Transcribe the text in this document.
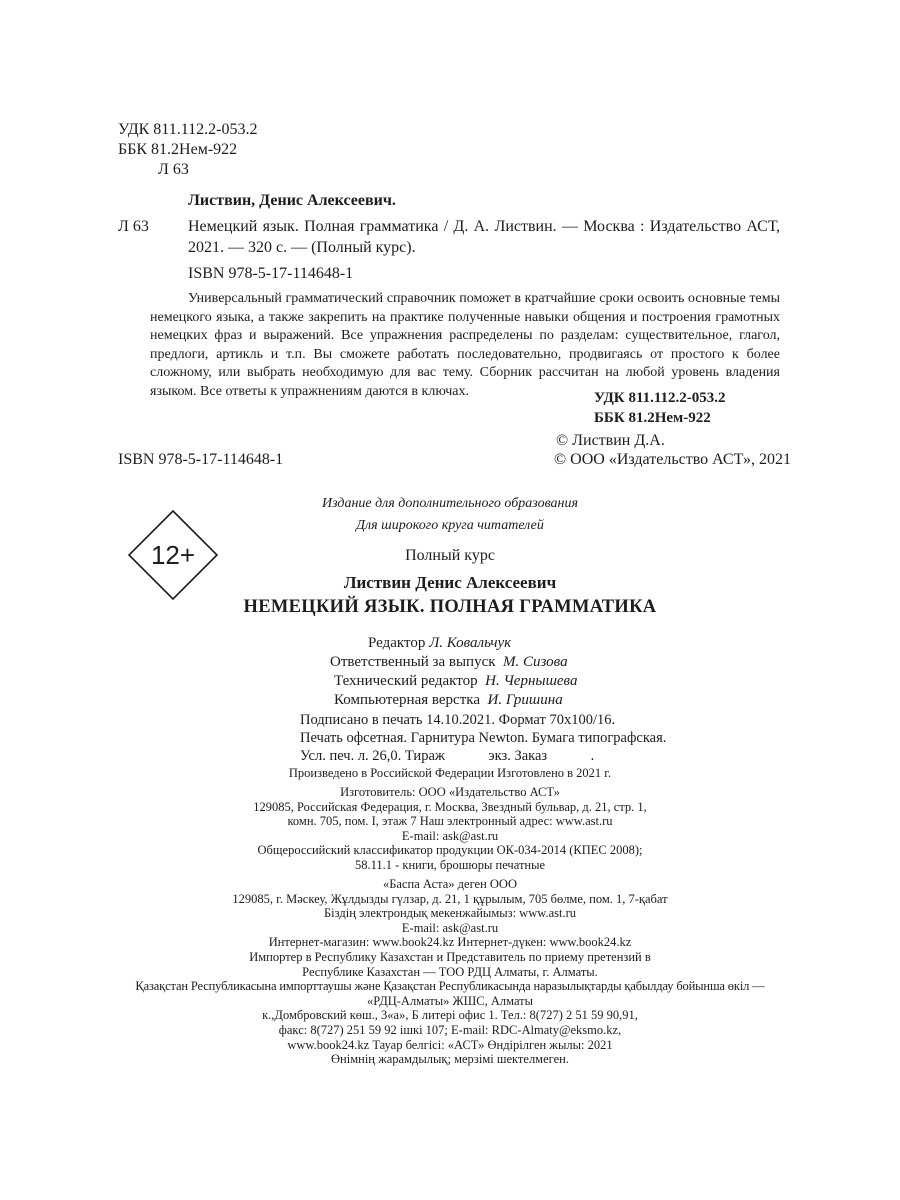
УДК 811.112.2-053.2
ББК 81.2Нем-922
Л 63
Листвин, Денис Алексеевич.
Л 63 Немецкий язык. Полная грамматика / Д. А. Листвин. — Москва : Издательство АСТ, 2021. — 320 с. — (Полный курс).
ISBN 978-5-17-114648-1
Универсальный грамматический справочник поможет в кратчайшие сроки освоить основные темы немецкого языка, а также закрепить на практике полученные навыки общения и построения грамотных немецких фраз и выражений. Все упражнения распределены по разделам: существительное, глагол, предлоги, артикль и т.п. Вы сможете работать последовательно, продвигаясь от простого к более сложному, или выбрать необходимую для вас тему. Сборник рассчитан на любой уровень владения языком. Все ответы к упражнениям даются в ключах.	УДК 811.112.2-053.2
ББК 81.2Нем-922
© Листвин Д.А.
© ООО «Издательство АСТ», 2021
ISBN 978-5-17-114648-1
Издание для дополнительного образования
Для широкого круга читателей
12+	Полный курс
Листвин Денис Алексеевич
НЕМЕЦКИЙ ЯЗЫК. ПОЛНАЯ ГРАММАТИКА
Редактор Л. Ковальчук
Ответственный за выпуск М. Сизова
Технический редактор Н. Чернышева
Компьютерная верстка И. Гришина
Подписано в печать 14.10.2021. Формат 70x100/16.
Печать офсетная. Гарнитура Newton. Бумага типографская.
Усл. печ. л. 26,0. Тираж            экз. Заказ            .
Произведено в Российской Федерации Изготовлено в 2021 г.
Изготовитель: ООО «Издательство АСТ»
129085, Российская Федерация, г. Москва, Звездный бульвар, д. 21, стр. 1,
комн. 705, пом. I, этаж 7 Наш электронный адрес: www.ast.ru
E-mail: ask@ast.ru
Общероссийский классификатор продукции ОК-034-2014 (КПЕС 2008);
58.11.1 - книги, брошюры печатные
«Баспа Аста» деген ООО
129085, г. Мәскеу, Жұлдызды гүлзар, д. 21, 1 құрылым, 705 бөлме, пом. 1, 7-қабат
Біздің электрондық мекенжайымыз: www.ast.ru
E-mail: ask@ast.ru
Интернет-магазин: www.book24.kz Интернет-дүкен: www.book24.kz
Импортер в Республику Казахстан и Представитель по приему претензий в
Республике Казахстан — ТОО РДЦ Алматы, г. Алматы.
Қазақстан Республикасына импорттаушы және Қазақстан Республикасында наразылықтарды қабылдау бойынша өкіл —
«РДЦ-Алматы» ЖШС, Алматы
к.,Домбровский көш., 3«а», Б литері офис 1. Тел.: 8(727) 2 51 59 90,91,
факс: 8(727) 251 59 92 ішкі 107; E-mail: RDC-Almaty@eksmo.kz,
www.book24.kz Тауар белгісі: «АСТ» Өндірілген жылы: 2021
Өнімнің жарамдылық; мерзімі шектелмеген.
